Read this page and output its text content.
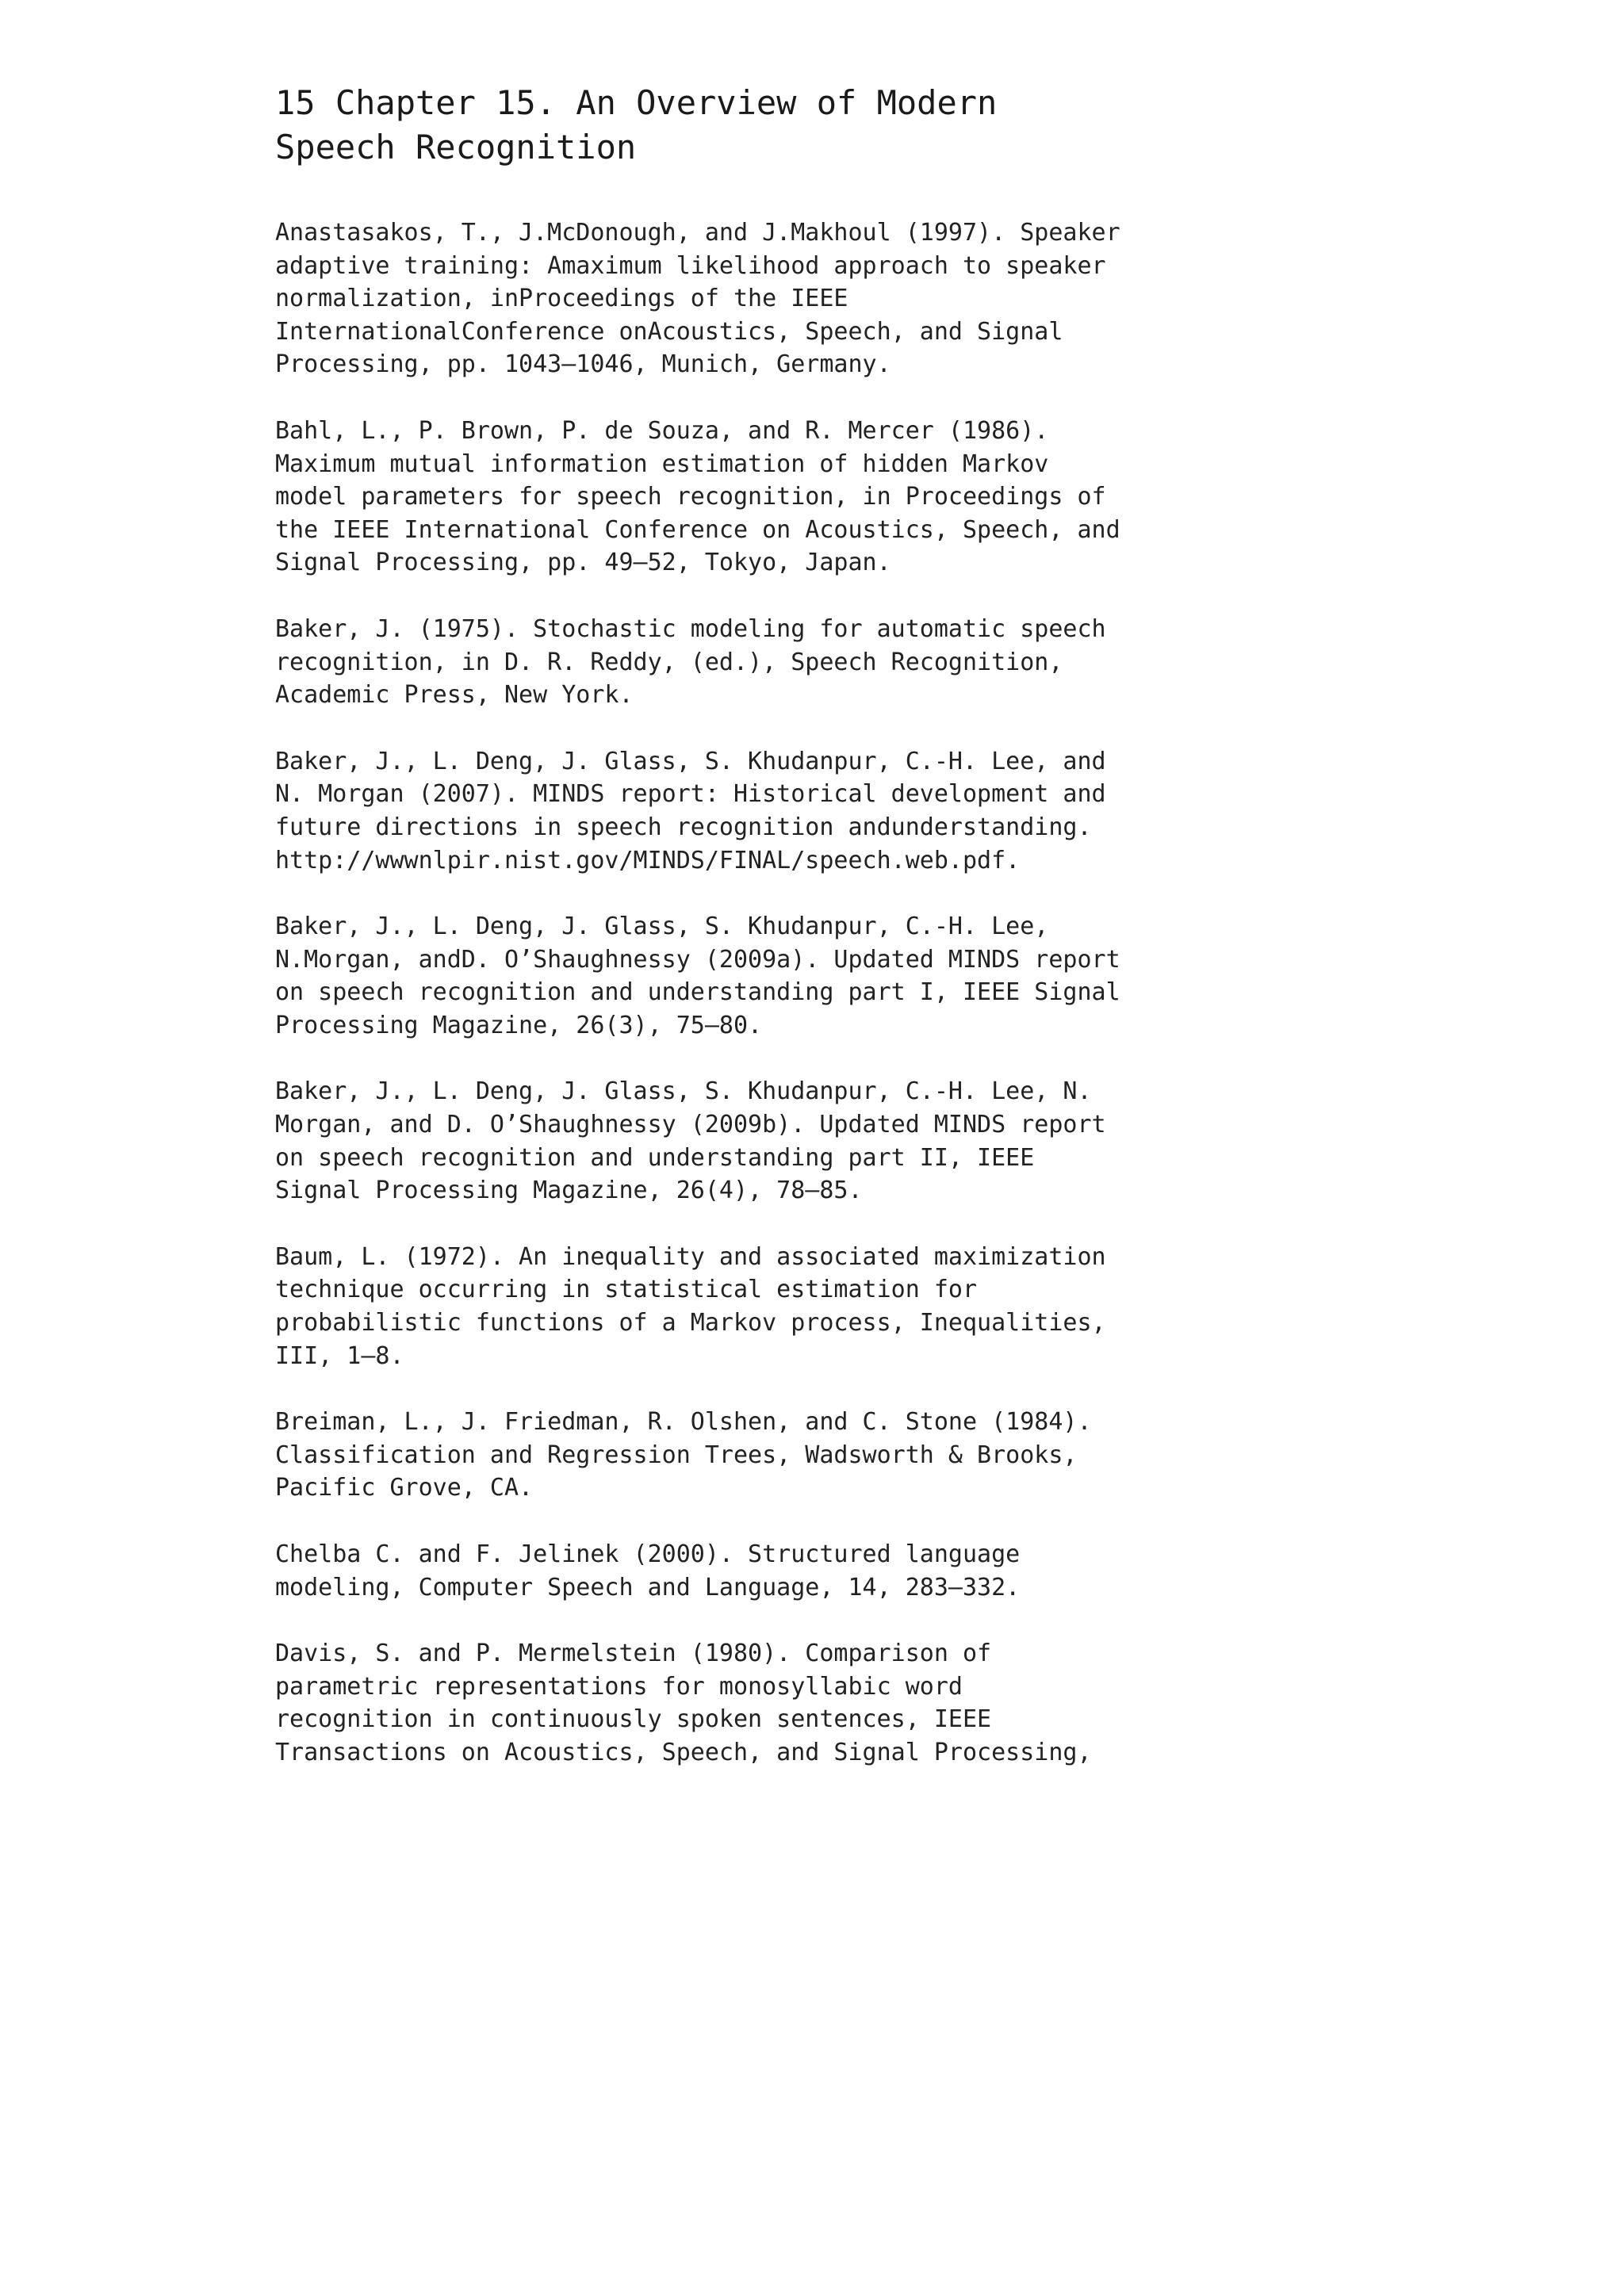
15 Chapter 15. An Overview of Modern
Speech Recognition

Anastasakos, T., J.McDonough, and J.Makhoul (1997). Speaker
adaptive training: Amaximum likelihood approach to speaker
normalization, inProceedings of the IEEE
InternationalConference onAcoustics, Speech, and Signal
Processing, pp. 1043–1046, Munich, Germany.

Bahl, L., P. Brown, P. de Souza, and R. Mercer (1986).
Maximum mutual information estimation of hidden Markov
model parameters for speech recognition, in Proceedings of
the IEEE International Conference on Acoustics, Speech, and
Signal Processing, pp. 49–52, Tokyo, Japan.

Baker, J. (1975). Stochastic modeling for automatic speech
recognition, in D. R. Reddy, (ed.), Speech Recognition,
Academic Press, New York.

Baker, J., L. Deng, J. Glass, S. Khudanpur, C.-H. Lee, and
N. Morgan (2007). MINDS report: Historical development and
future directions in speech recognition andunderstanding.
http://wwwnlpir.nist.gov/MINDS/FINAL/speech.web.pdf.

Baker, J., L. Deng, J. Glass, S. Khudanpur, C.-H. Lee,
N.Morgan, andD. O’Shaughnessy (2009a). Updated MINDS report
on speech recognition and understanding part I, IEEE Signal
Processing Magazine, 26(3), 75–80.

Baker, J., L. Deng, J. Glass, S. Khudanpur, C.-H. Lee, N.
Morgan, and D. O’Shaughnessy (2009b). Updated MINDS report
on speech recognition and understanding part II, IEEE
Signal Processing Magazine, 26(4), 78–85.

Baum, L. (1972). An inequality and associated maximization
technique occurring in statistical estimation for
probabilistic functions of a Markov process, Inequalities,
III, 1–8.

Breiman, L., J. Friedman, R. Olshen, and C. Stone (1984).
Classification and Regression Trees, Wadsworth & Brooks,
Pacific Grove, CA.

Chelba C. and F. Jelinek (2000). Structured language
modeling, Computer Speech and Language, 14, 283–332.

Davis, S. and P. Mermelstein (1980). Comparison of
parametric representations for monosyllabic word
recognition in continuously spoken sentences, IEEE
Transactions on Acoustics, Speech, and Signal Processing,
